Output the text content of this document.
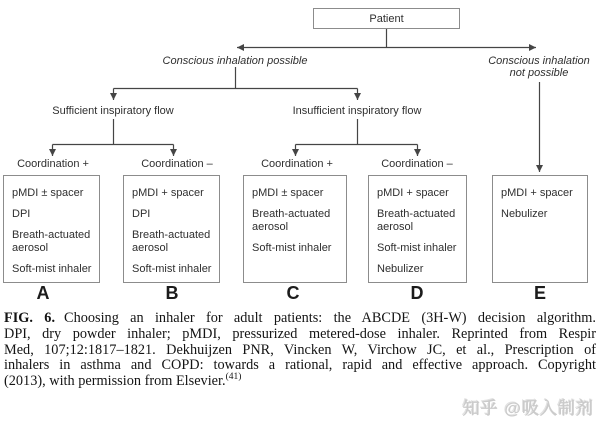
Patient
Conscious inhalation possible	Conscious inhalation
not possible
Sufficient inspiratory flow	Insufficient inspiratory flow
Coordination +	Coordination –	Coordination +	Coordination –
pMDI ± spacer
DPI
Breath-actuated aerosol
Soft-mist inhaler
pMDI + spacer
DPI
Breath-actuated aerosol
Soft-mist inhaler
pMDI ± spacer
Breath-actuated aerosol
Soft-mist inhaler
pMDI + spacer
Breath-actuated aerosol
Soft-mist inhaler
Nebulizer
pMDI + spacer
Nebulizer
A	B	C	D	E
FIG. 6. Choosing an inhaler for adult patients: the ABCDE (3H-W) decision algorithm.
DPI, dry powder inhaler; pMDI, pressurized metered-dose inhaler. Reprinted from Respir
Med, 107;12:1817–1821. Dekhuijzen PNR, Vincken W, Virchow JC, et al., Prescription of
inhalers in asthma and COPD: towards a rational, rapid and effective approach. Copyright
(2013), with permission from Elsevier.$^{(41)}$
知乎 @吸入制剂
